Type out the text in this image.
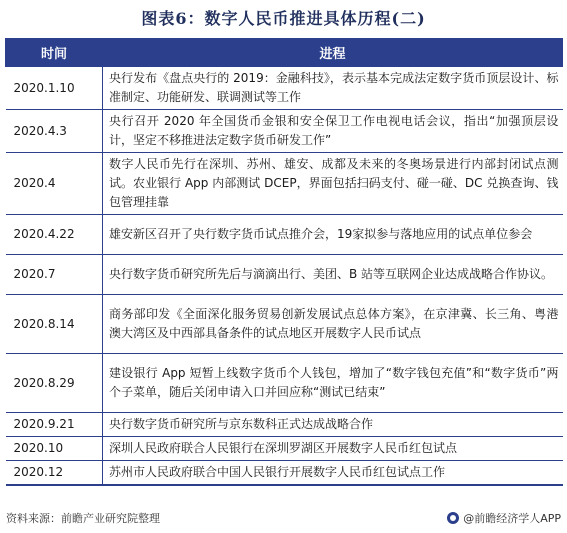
图表6：数字人民币推进具体历程(二)
时间	进程
2020.1.10	央行发布《盘点央行的 2019：金融科技》，表示基本完成法定数字货币顶层设计、标准制定、功能研发、联调测试等工作
2020.4.3	央行召开 2020 年全国货币金银和安全保卫工作电视电话会议，指出“加强顶层设计，坚定不移推进法定数字货币研发工作”
2020.4	数字人民币先行在深圳、苏州、雄安、成都及未来的冬奥场景进行内部封闭试点测试。农业银行 App 内部测试 DCEP，界面包括扫码支付、碰一碰、DC 兑换查询、钱包管理挂靠
2020.4.22	雄安新区召开了央行数字货币试点推介会，19家拟参与落地应用的试点单位参会
2020.7	央行数字货币研究所先后与滴滴出行、美团、B 站等互联网企业达成战略合作协议。
2020.8.14	商务部印发《全面深化服务贸易创新发展试点总体方案》，在京津冀、长三角、粤港澳大湾区及中西部具备条件的试点地区开展数字人民币试点
2020.8.29	建设银行 App 短暂上线数字货币个人钱包，增加了“数字钱包充值”和“数字货币”两个子菜单，随后关闭申请入口并回应称“测试已结束”
2020.9.21	央行数字货币研究所与京东数科正式达成战略合作
2020.10	深圳人民政府联合人民银行在深圳罗湖区开展数字人民币红包试点
2020.12	苏州市人民政府联合中国人民银行开展数字人民币红包试点工作
资料来源：前瞻产业研究院整理	@前瞻经济学人APP
